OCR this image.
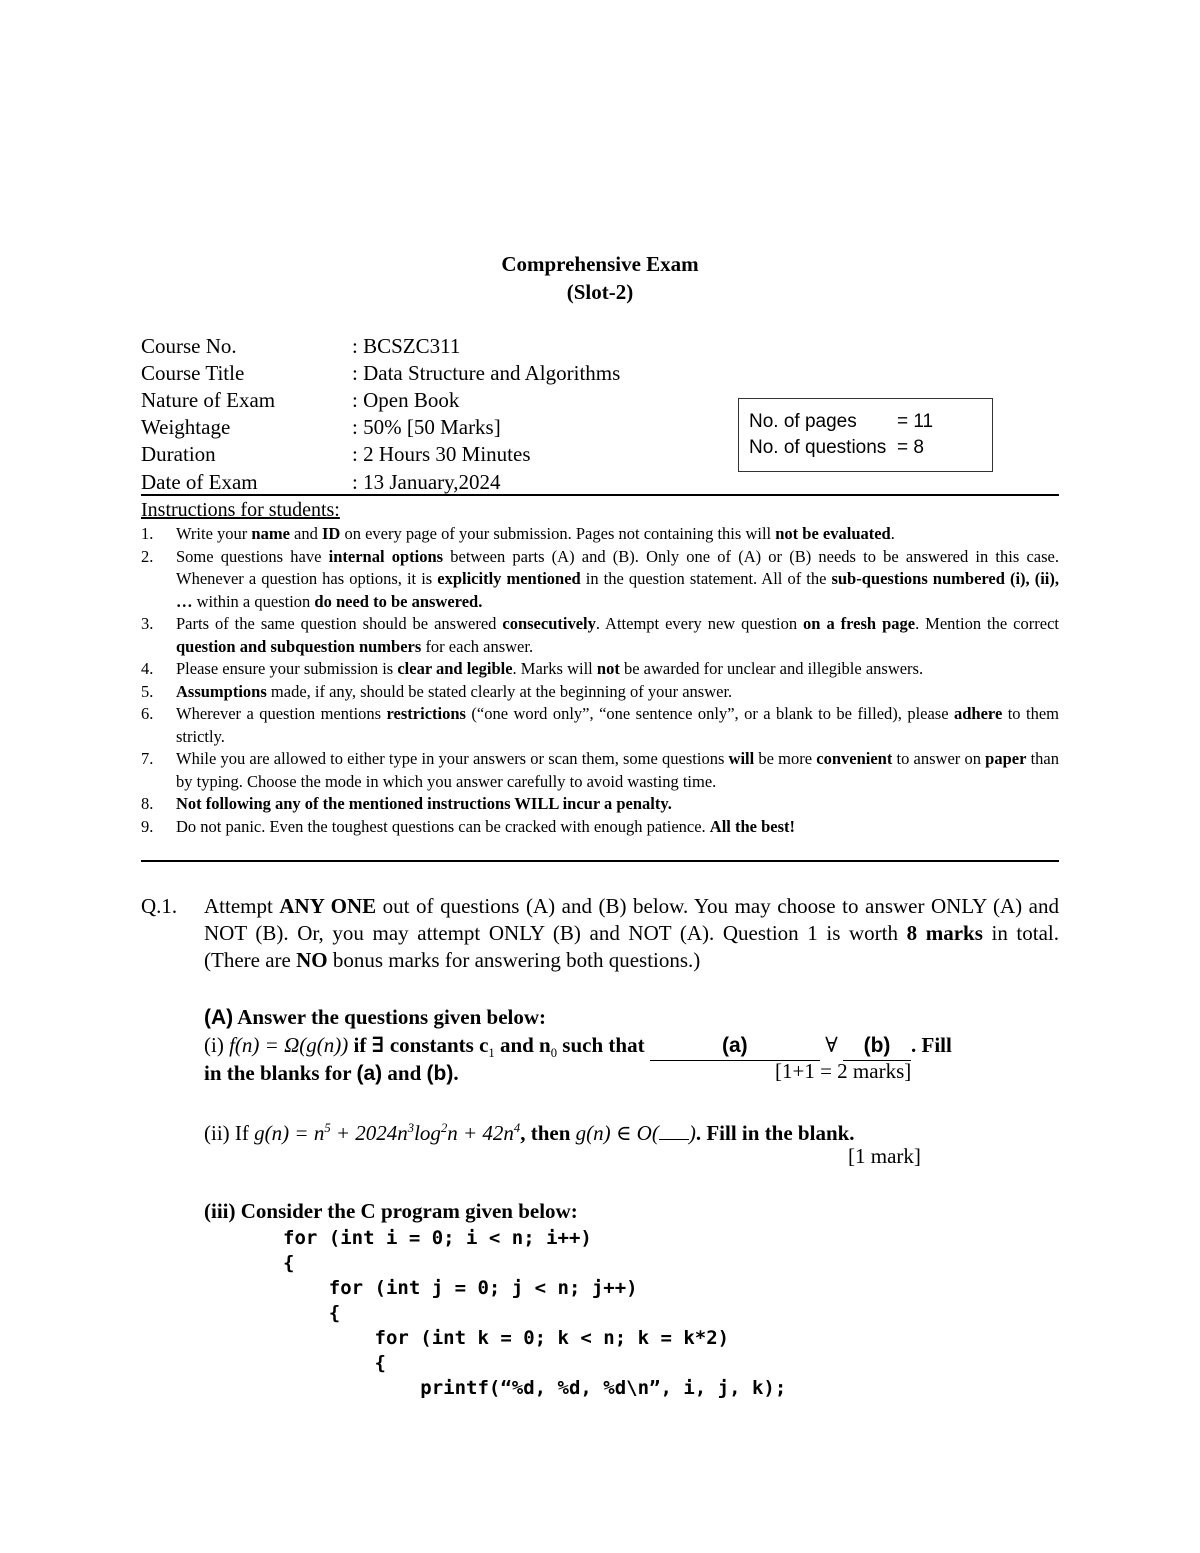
Comprehensive Exam
(Slot-2)
Course No.	: BCSZC311
Course Title	: Data Structure and Algorithms
Nature of Exam	: Open Book
Weightage	: 50% [50 Marks]
Duration	: 2 Hours 30 Minutes
Date of Exam	: 13 January,2024
No. of pages = 11
No. of questions = 8
Instructions for students:
1. Write your name and ID on every page of your submission. Pages not containing this will not be evaluated.
2. Some questions have internal options between parts (A) and (B). Only one of (A) or (B) needs to be answered in this case. Whenever a question has options, it is explicitly mentioned in the question statement. All of the sub-questions numbered (i), (ii), … within a question do need to be answered.
3. Parts of the same question should be answered consecutively. Attempt every new question on a fresh page. Mention the correct question and subquestion numbers for each answer.
4. Please ensure your submission is clear and legible. Marks will not be awarded for unclear and illegible answers.
5. Assumptions made, if any, should be stated clearly at the beginning of your answer.
6. Wherever a question mentions restrictions (“one word only”, “one sentence only”, or a blank to be filled), please adhere to them strictly.
7. While you are allowed to either type in your answers or scan them, some questions will be more convenient to answer on paper than by typing. Choose the mode in which you answer carefully to avoid wasting time.
8. Not following any of the mentioned instructions WILL incur a penalty.
9. Do not panic. Even the toughest questions can be cracked with enough patience. All the best!
Q.1. Attempt ANY ONE out of questions (A) and (B) below. You may choose to answer ONLY (A) and NOT (B). Or, you may attempt ONLY (B) and NOT (A). Question 1 is worth 8 marks in total. (There are NO bonus marks for answering both questions.)
(A) Answer the questions given below:
(i) f(n) = Ω(g(n)) if ∃ constants $c_1$ and $n_0$ such that	(a)	∀ (b) . Fill
in the blanks for (a) and (b).	[1+1 = 2 marks]
(ii) If $g(n) = n^5 + 2024n^3\log^2n + 42n^4$, then g(n) ∈ O( ). Fill in the blank.
[1 mark]
(iii) Consider the C program given below:
for (int i = 0; i < n; i++)
{
for (int j = 0; j < n; j++)
{
for (int k = 0; k < n; k = k*2)
{
printf(“%d, %d, %d\n”, i, j, k);
